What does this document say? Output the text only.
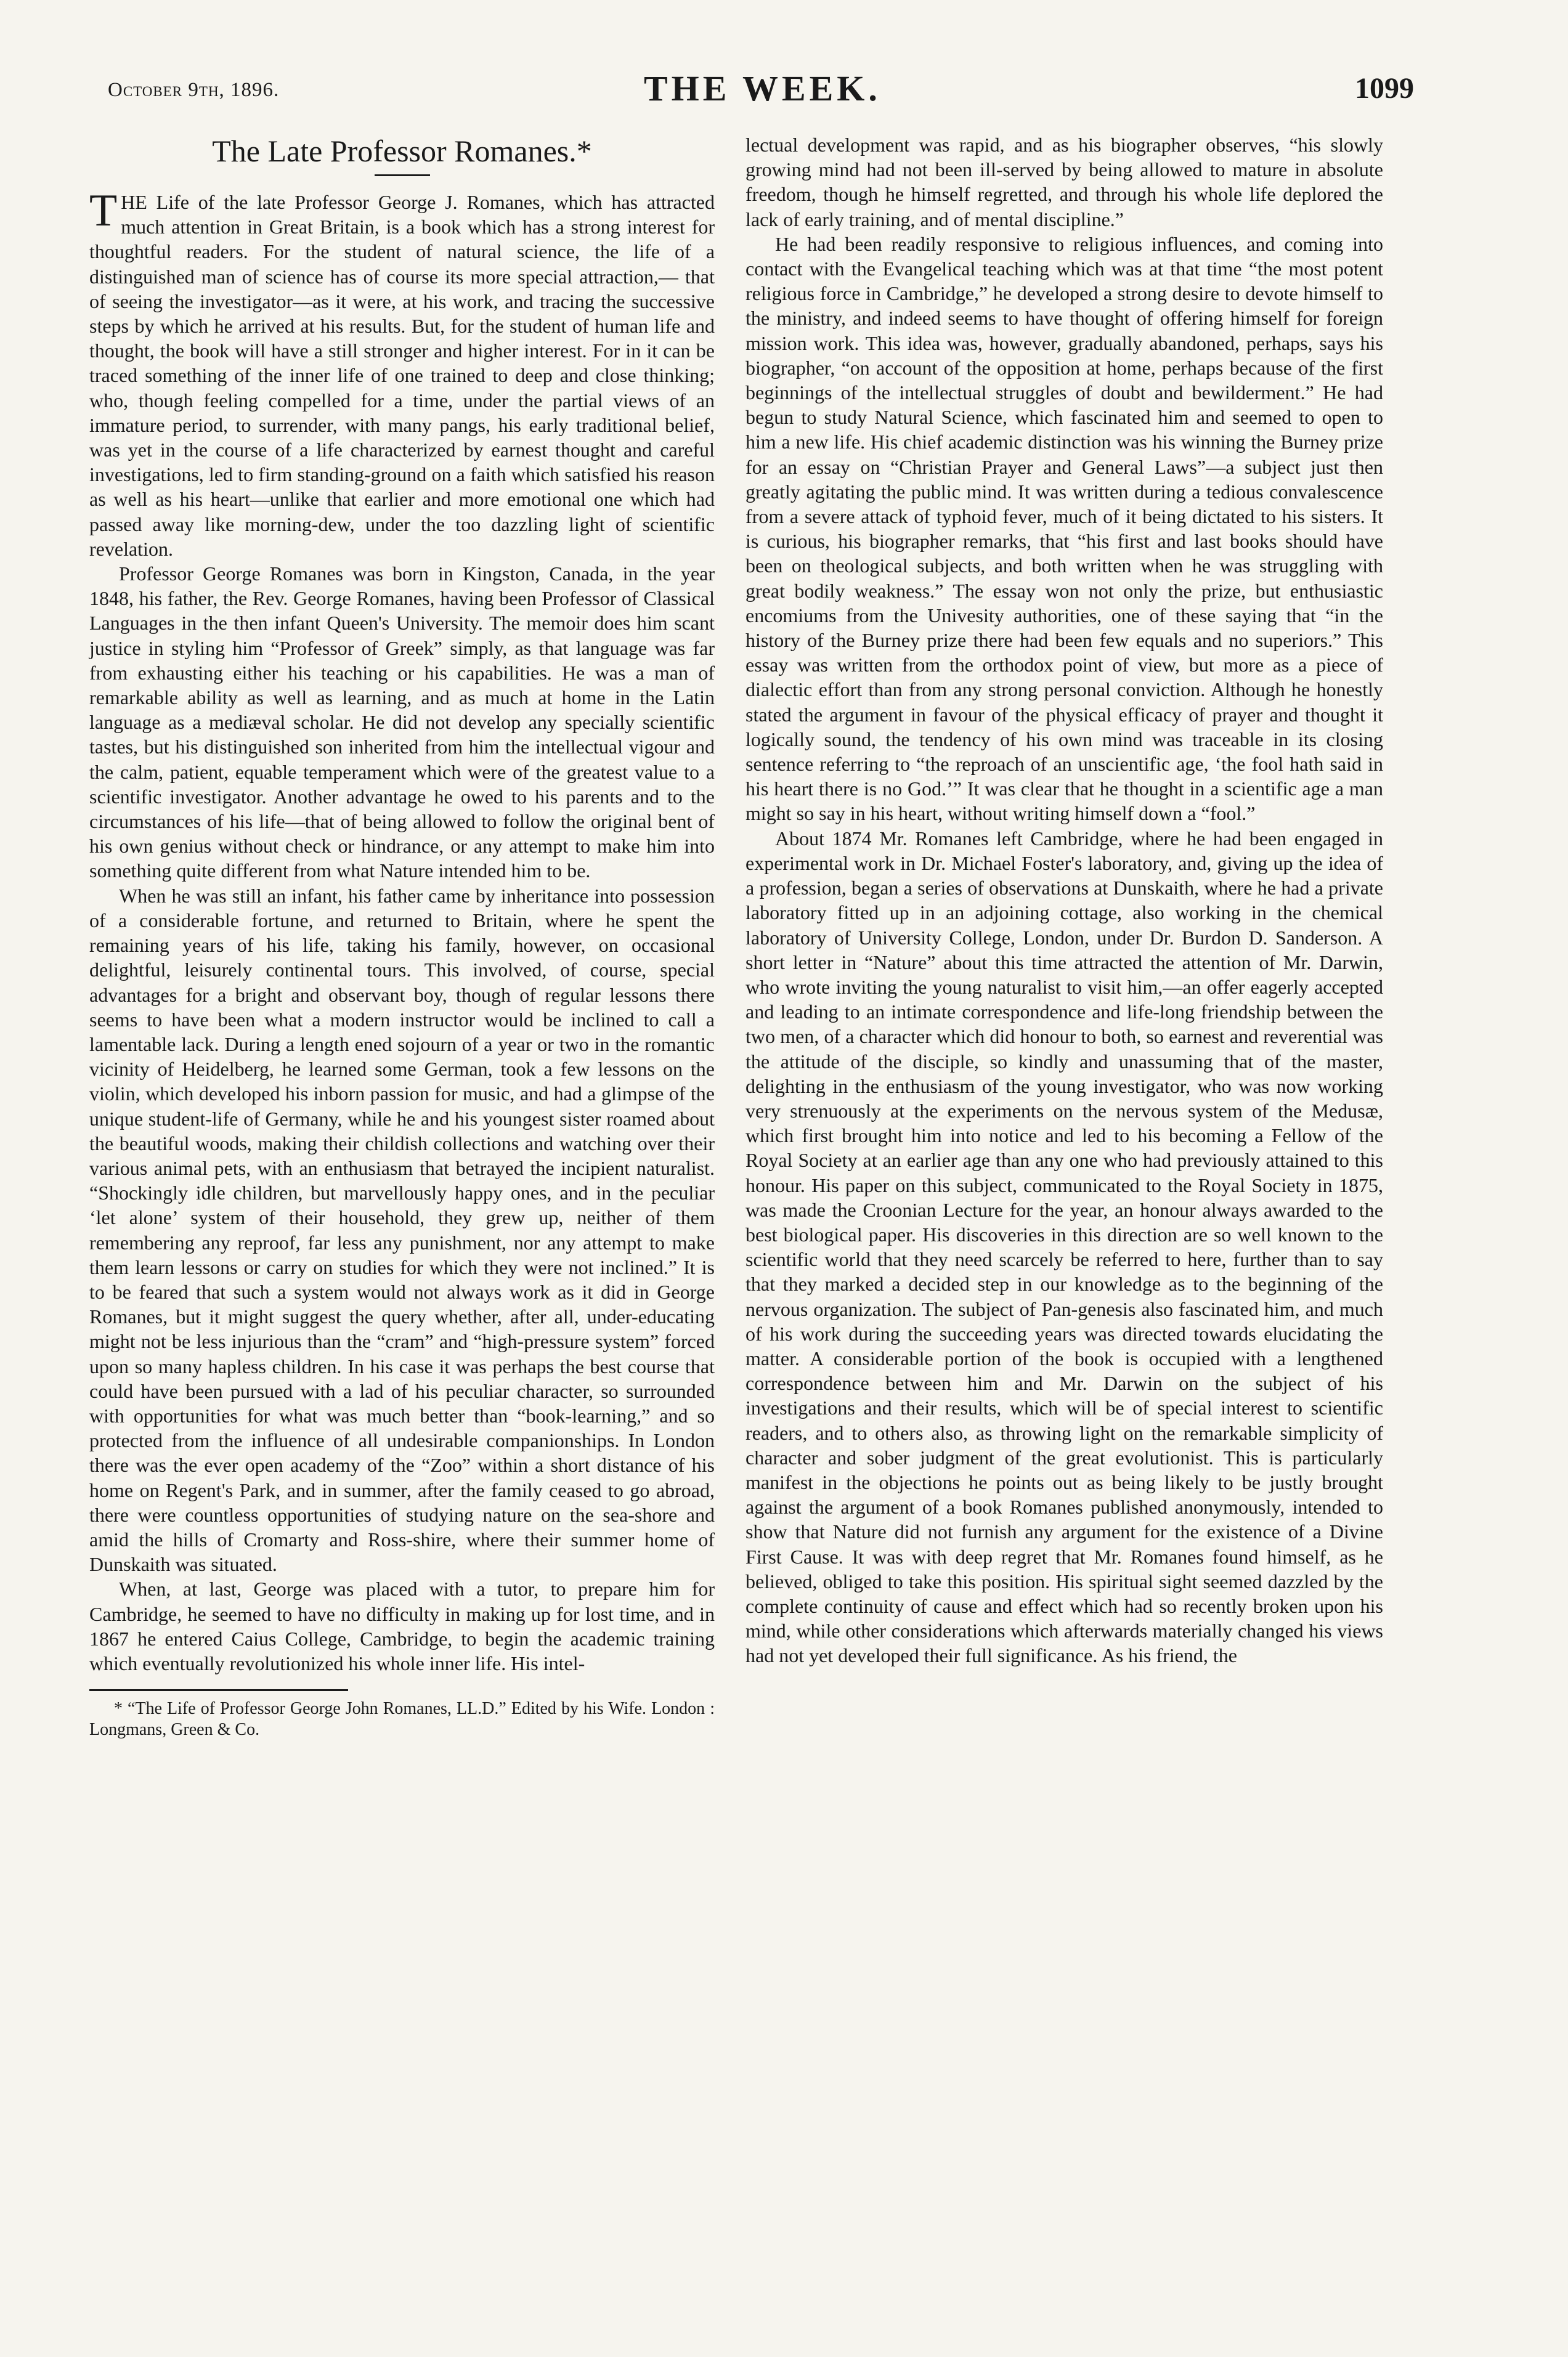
October 9th, 1896.	THE WEEK.	1099
The Late Professor Romanes.*

THE Life of the late Professor George J. Romanes, which has attracted much attention in Great Britain, is a book which has a strong interest for thoughtful readers. For the student of natural science, the life of a distinguished man of science has of course its more special attraction,— that of seeing the investigator—as it were, at his work, and tracing the successive steps by which he arrived at his results. But, for the student of human life and thought, the book will have a still stronger and higher interest. For in it can be traced something of the inner life of one trained to deep and close thinking; who, though feeling compelled for a time, under the partial views of an immature period, to surrender, with many pangs, his early traditional belief, was yet in the course of a life characterized by earnest thought and careful investigations, led to firm standing-ground on a faith which satisfied his reason as well as his heart—unlike that earlier and more emotional one which had passed away like morning-dew, under the too dazzling light of scientific revelation.

Professor George Romanes was born in Kingston, Canada, in the year 1848, his father, the Rev. George Romanes, having been Professor of Classical Languages in the then infant Queen's University. The memoir does him scant justice in styling him “Professor of Greek” simply, as that language was far from exhausting either his teaching or his capabilities. He was a man of remarkable ability as well as learning, and as much at home in the Latin language as a mediæval scholar. He did not develop any specially scientific tastes, but his distinguished son inherited from him the intellectual vigour and the calm, patient, equable temperament which were of the greatest value to a scientific investigator. Another advantage he owed to his parents and to the circumstances of his life—that of being allowed to follow the original bent of his own genius without check or hindrance, or any attempt to make him into something quite different from what Nature intended him to be.

When he was still an infant, his father came by inheritance into possession of a considerable fortune, and returned to Britain, where he spent the remaining years of his life, taking his family, however, on occasional delightful, leisurely continental tours. This involved, of course, special advantages for a bright and observant boy, though of regular lessons there seems to have been what a modern instructor would be inclined to call a lamentable lack. During a length ened sojourn of a year or two in the romantic vicinity of Heidelberg, he learned some German, took a few lessons on the violin, which developed his inborn passion for music, and had a glimpse of the unique student-life of Germany, while he and his youngest sister roamed about the beautiful woods, making their childish collections and watching over their various animal pets, with an enthusiasm that betrayed the incipient naturalist. “Shockingly idle children, but marvellously happy ones, and in the peculiar ‘let alone’ system of their household, they grew up, neither of them remembering any reproof, far less any punishment, nor any attempt to make them learn lessons or carry on studies for which they were not inclined.” It is to be feared that such a system would not always work as it did in George Romanes, but it might suggest the query whether, after all, under-educating might not be less injurious than the “cram” and “high-pressure system” forced upon so many hapless children. In his case it was perhaps the best course that could have been pursued with a lad of his peculiar character, so surrounded with opportunities for what was much better than “book-learning,” and so protected from the influence of all undesirable companionships. In London there was the ever open academy of the “Zoo” within a short distance of his home on Regent's Park, and in summer, after the family ceased to go abroad, there were countless opportunities of studying nature on the sea-shore and amid the hills of Cromarty and Ross-shire, where their summer home of Dunskaith was situated.

When, at last, George was placed with a tutor, to prepare him for Cambridge, he seemed to have no difficulty in making up for lost time, and in 1867 he entered Caius College, Cambridge, to begin the academic training which eventually revolutionized his whole inner life. His intel-

* “The Life of Professor George John Romanes, LL.D.” Edited by his Wife. London : Longmans, Green & Co.

lectual development was rapid, and as his biographer observes, “his slowly growing mind had not been ill-served by being allowed to mature in absolute freedom, though he himself regretted, and through his whole life deplored the lack of early training, and of mental discipline.”

He had been readily responsive to religious influences, and coming into contact with the Evangelical teaching which was at that time “the most potent religious force in Cambridge,” he developed a strong desire to devote himself to the ministry, and indeed seems to have thought of offering himself for foreign mission work. This idea was, however, gradually abandoned, perhaps, says his biographer, “on account of the opposition at home, perhaps because of the first beginnings of the intellectual struggles of doubt and bewilderment.” He had begun to study Natural Science, which fascinated him and seemed to open to him a new life. His chief academic distinction was his winning the Burney prize for an essay on “Christian Prayer and General Laws”—a subject just then greatly agitating the public mind. It was written during a tedious convalescence from a severe attack of typhoid fever, much of it being dictated to his sisters. It is curious, his biographer remarks, that “his first and last books should have been on theological subjects, and both written when he was struggling with great bodily weakness.” The essay won not only the prize, but enthusiastic encomiums from the Univesity authorities, one of these saying that “in the history of the Burney prize there had been few equals and no superiors.” This essay was written from the orthodox point of view, but more as a piece of dialectic effort than from any strong personal conviction. Although he honestly stated the argument in favour of the physical efficacy of prayer and thought it logically sound, the tendency of his own mind was traceable in its closing sentence referring to “the reproach of an unscientific age, ‘the fool hath said in his heart there is no God.’” It was clear that he thought in a scientific age a man might so say in his heart, without writing himself down a “fool.”

About 1874 Mr. Romanes left Cambridge, where he had been engaged in experimental work in Dr. Michael Foster's laboratory, and, giving up the idea of a profession, began a series of observations at Dunskaith, where he had a private laboratory fitted up in an adjoining cottage, also working in the chemical laboratory of University College, London, under Dr. Burdon D. Sanderson. A short letter in “Nature” about this time attracted the attention of Mr. Darwin, who wrote inviting the young naturalist to visit him,—an offer eagerly accepted and leading to an intimate correspondence and life-long friendship between the two men, of a character which did honour to both, so earnest and reverential was the attitude of the disciple, so kindly and unassuming that of the master, delighting in the enthusiasm of the young investigator, who was now working very strenuously at the experiments on the nervous system of the Medusæ, which first brought him into notice and led to his becoming a Fellow of the Royal Society at an earlier age than any one who had previously attained to this honour. His paper on this subject, communicated to the Royal Society in 1875, was made the Croonian Lecture for the year, an honour always awarded to the best biological paper. His discoveries in this direction are so well known to the scientific world that they need scarcely be referred to here, further than to say that they marked a decided step in our knowledge as to the beginning of the nervous organization. The subject of Pan-genesis also fascinated him, and much of his work during the succeeding years was directed towards elucidating the matter. A considerable portion of the book is occupied with a lengthened correspondence between him and Mr. Darwin on the subject of his investigations and their results, which will be of special interest to scientific readers, and to others also, as throwing light on the remarkable simplicity of character and sober judgment of the great evolutionist. This is particularly manifest in the objections he points out as being likely to be justly brought against the argument of a book Romanes published anonymously, intended to show that Nature did not furnish any argument for the existence of a Divine First Cause. It was with deep regret that Mr. Romanes found himself, as he believed, obliged to take this position. His spiritual sight seemed dazzled by the complete continuity of cause and effect which had so recently broken upon his mind, while other considerations which afterwards materially changed his views had not yet developed their full significance. As his friend, the
